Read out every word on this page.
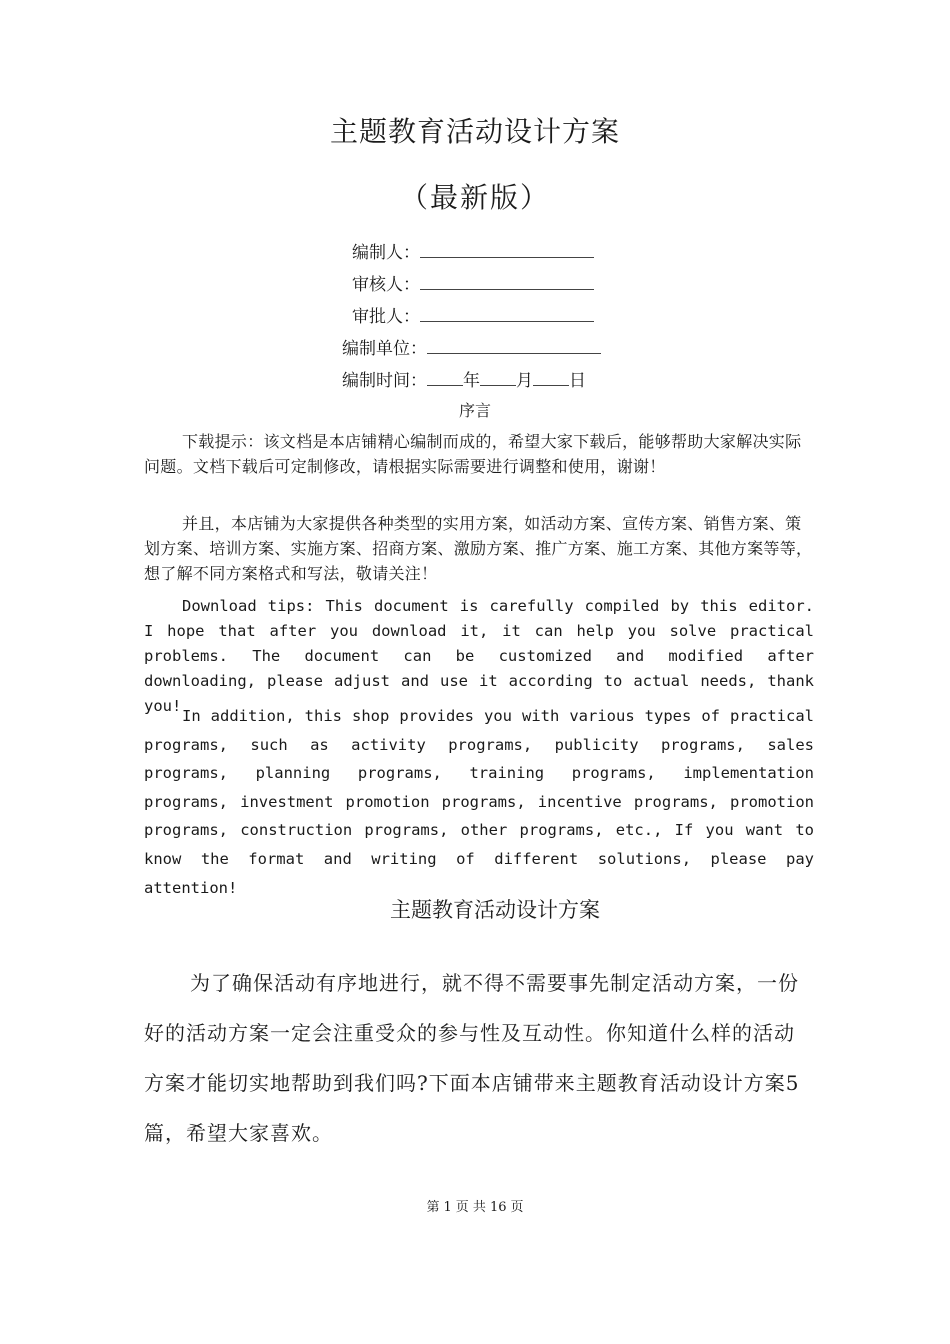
主题教育活动设计方案
（最新版）
编制人：
审核人：
审批人：
编制单位：
编制时间： 年 月 日
序言
下载提示：该文档是本店铺精心编制而成的，希望大家下载后，能够帮助大家解决实际问题。文档下载后可定制修改，请根据实际需要进行调整和使用，谢谢！
并且，本店铺为大家提供各种类型的实用方案，如活动方案、宣传方案、销售方案、策划方案、培训方案、实施方案、招商方案、激励方案、推广方案、施工方案、其他方案等等，想了解不同方案格式和写法，敬请关注！
Download tips: This document is carefully compiled by this editor. I hope that after you download it, it can help you solve practical problems. The document can be customized and modified after downloading, please adjust and use it according to actual needs, thank you!
In addition, this shop provides you with various types of practical programs, such as activity programs, publicity programs, sales programs, planning programs, training programs, implementation programs, investment promotion programs, incentive programs, promotion programs, construction programs, other programs, etc., If you want to know the format and writing of different solutions, please pay attention!
主题教育活动设计方案
为了确保活动有序地进行，就不得不需要事先制定活动方案，一份好的活动方案一定会注重受众的参与性及互动性。你知道什么样的活动方案才能切实地帮助到我们吗?下面本店铺带来主题教育活动设计方案5篇，希望大家喜欢。
第 1 页 共 16 页
